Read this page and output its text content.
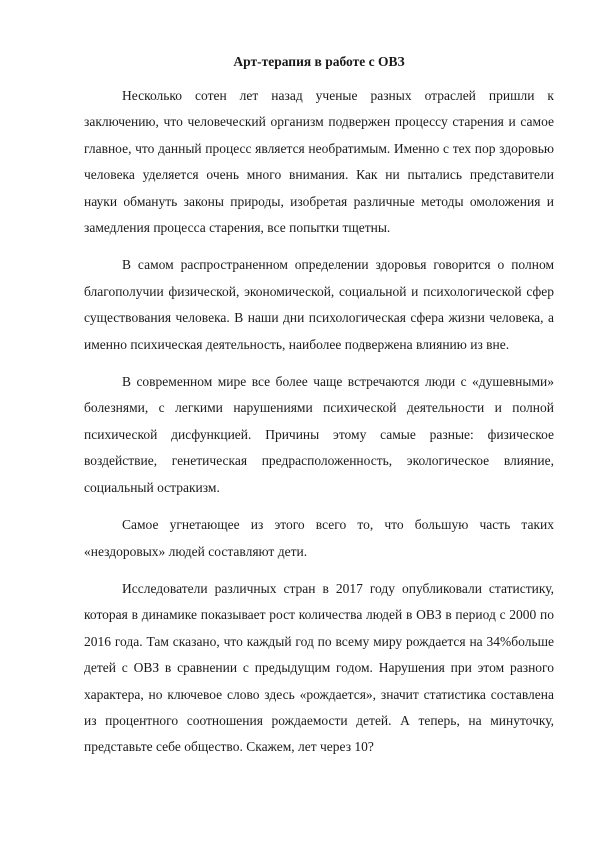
Арт-терапия в работе с ОВЗ

Несколько сотен лет назад ученые разных отраслей пришли к заключению, что человеческий организм подвержен процессу старения и самое главное, что данный процесс является необратимым. Именно с тех пор здоровью человека уделяется очень много внимания. Как ни пытались представители науки обмануть законы природы, изобретая различные методы омоложения и замедления процесса старения, все попытки тщетны.

В самом распространенном определении здоровья говорится о полном благополучии физической, экономической, социальной и психологической сфер существования человека. В наши дни психологическая сфера жизни человека, а именно психическая деятельность, наиболее подвержена влиянию из вне.

В современном мире все более чаще встречаются люди с «душевными» болезнями, с легкими нарушениями психической деятельности и полной психической дисфункцией. Причины этому самые разные: физическое воздействие, генетическая предрасположенность, экологическое влияние, социальный остракизм.

Самое угнетающее из этого всего то, что большую часть таких «нездоровых» людей составляют дети.

Исследователи различных стран в 2017 году опубликовали статистику, которая в динамике показывает рост количества людей в ОВЗ в период с 2000 по 2016 года. Там сказано, что каждый год по всему миру рождается на 34%больше детей с ОВЗ в сравнении с предыдущим годом. Нарушения при этом разного характера, но ключевое слово здесь «рождается», значит статистика составлена из процентного соотношения рождаемости детей. А теперь, на минуточку, представьте себе общество. Скажем, лет через 10?
